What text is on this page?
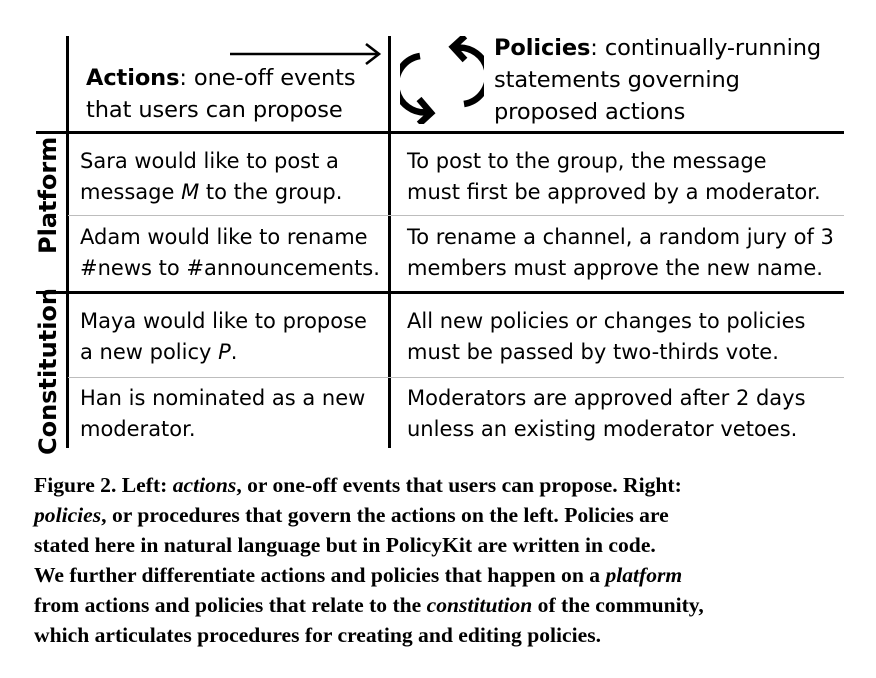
Actions: one-off events
that users can propose
Policies: continually-running
statements governing
proposed actions
Platform
Constitution
Sara would like to post a
message M to the group.
To post to the group, the message
must first be approved by a moderator.
Adam would like to rename
#news to #announcements.
To rename a channel, a random jury of 3
members must approve the new name.
Maya would like to propose
a new policy P.
All new policies or changes to policies
must be passed by two-thirds vote.
Han is nominated as a new
moderator.
Moderators are approved after 2 days
unless an existing moderator vetoes.
Figure 2. Left: actions, or one-off events that users can propose. Right:
policies, or procedures that govern the actions on the left. Policies are
stated here in natural language but in PolicyKit are written in code.
We further differentiate actions and policies that happen on a platform
from actions and policies that relate to the constitution of the community,
which articulates procedures for creating and editing policies.
